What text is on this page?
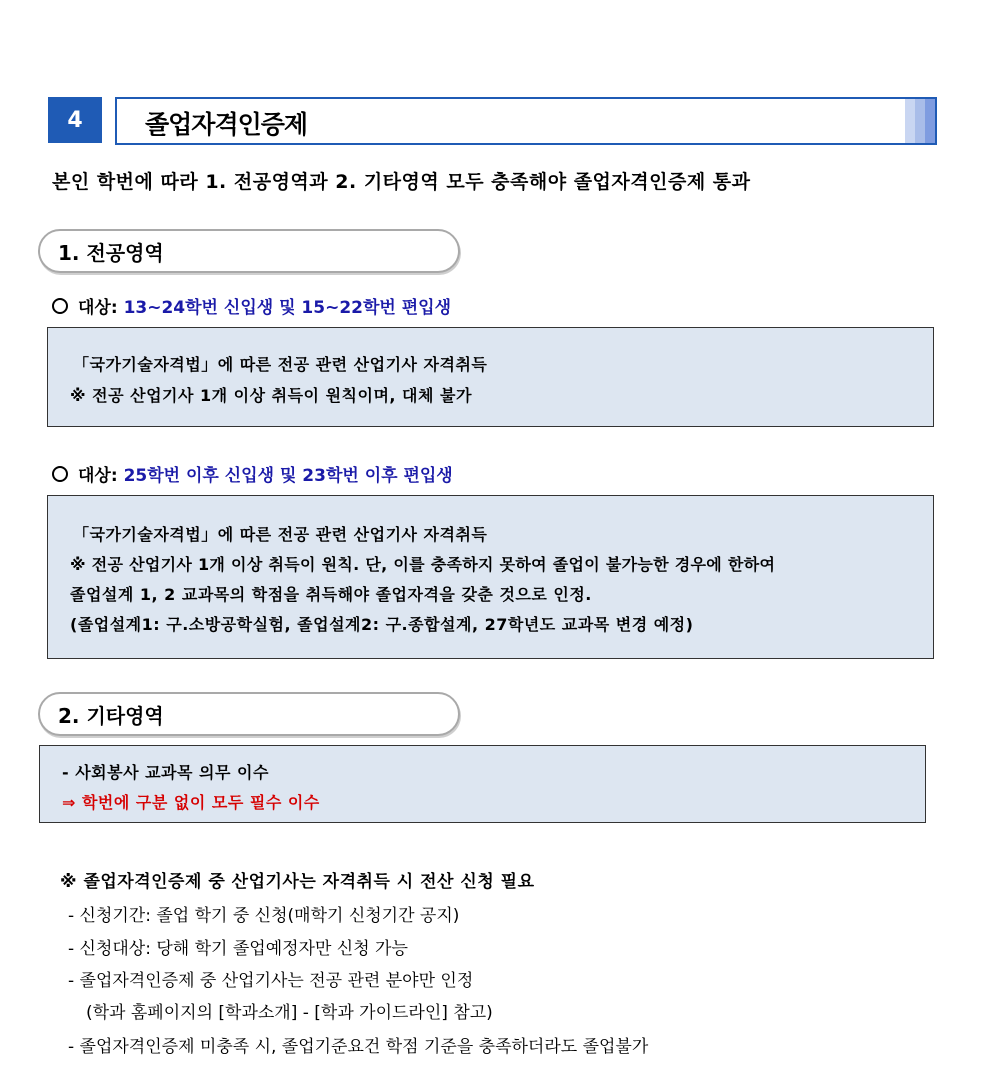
4	졸업자격인증제
본인 학번에 따라 1. 전공영역과 2. 기타영역 모두 충족해야 졸업자격인증제 통과
1. 전공영역
대상: 13~24학번 신입생 및 15~22학번 편입생
「국가기술자격법」에 따른 전공 관련 산업기사 자격취득
※ 전공 산업기사 1개 이상 취득이 원칙이며, 대체 불가
대상: 25학번 이후 신입생 및 23학번 이후 편입생
「국가기술자격법」에 따른 전공 관련 산업기사 자격취득
※ 전공 산업기사 1개 이상 취득이 원칙. 단, 이를 충족하지 못하여 졸업이 불가능한 경우에 한하여
졸업설계 1, 2 교과목의 학점을 취득해야 졸업자격을 갖춘 것으로 인정.
(졸업설계1: 구.소방공학실험, 졸업설계2: 구.종합설계, 27학년도 교과목 변경 예정)
2. 기타영역
- 사회봉사 교과목 의무 이수
⇒ 학번에 구분 없이 모두 필수 이수
※ 졸업자격인증제 중 산업기사는 자격취득 시 전산 신청 필요
- 신청기간: 졸업 학기 중 신청(매학기 신청기간 공지)
- 신청대상: 당해 학기 졸업예정자만 신청 가능
- 졸업자격인증제 중 산업기사는 전공 관련 분야만 인정
(학과 홈페이지의 [학과소개] - [학과 가이드라인] 참고)
- 졸업자격인증제 미충족 시, 졸업기준요건 학점 기준을 충족하더라도 졸업불가
